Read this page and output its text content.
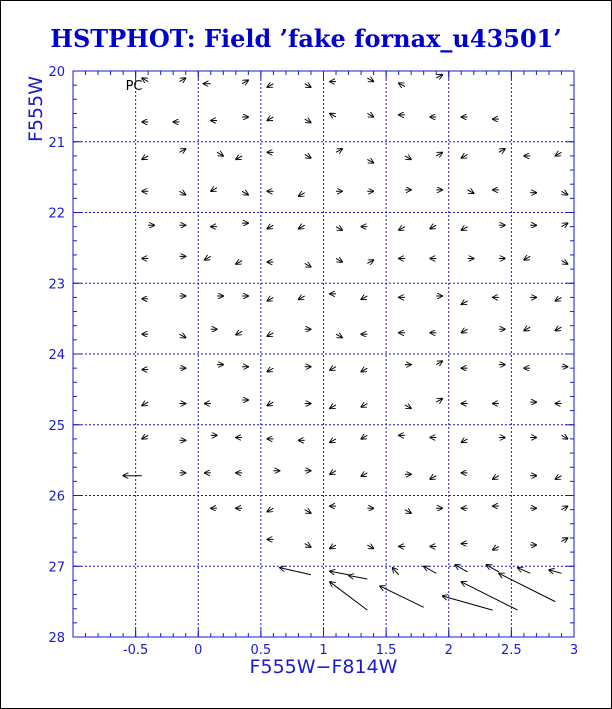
HSTPHOT: Field ’fake fornax_u43501’
-0.5	0	0.5	1	1.5	2	2.5	3
20
21
22
23
24
25
26
27
28
F555W−F814W
F555W	PC
